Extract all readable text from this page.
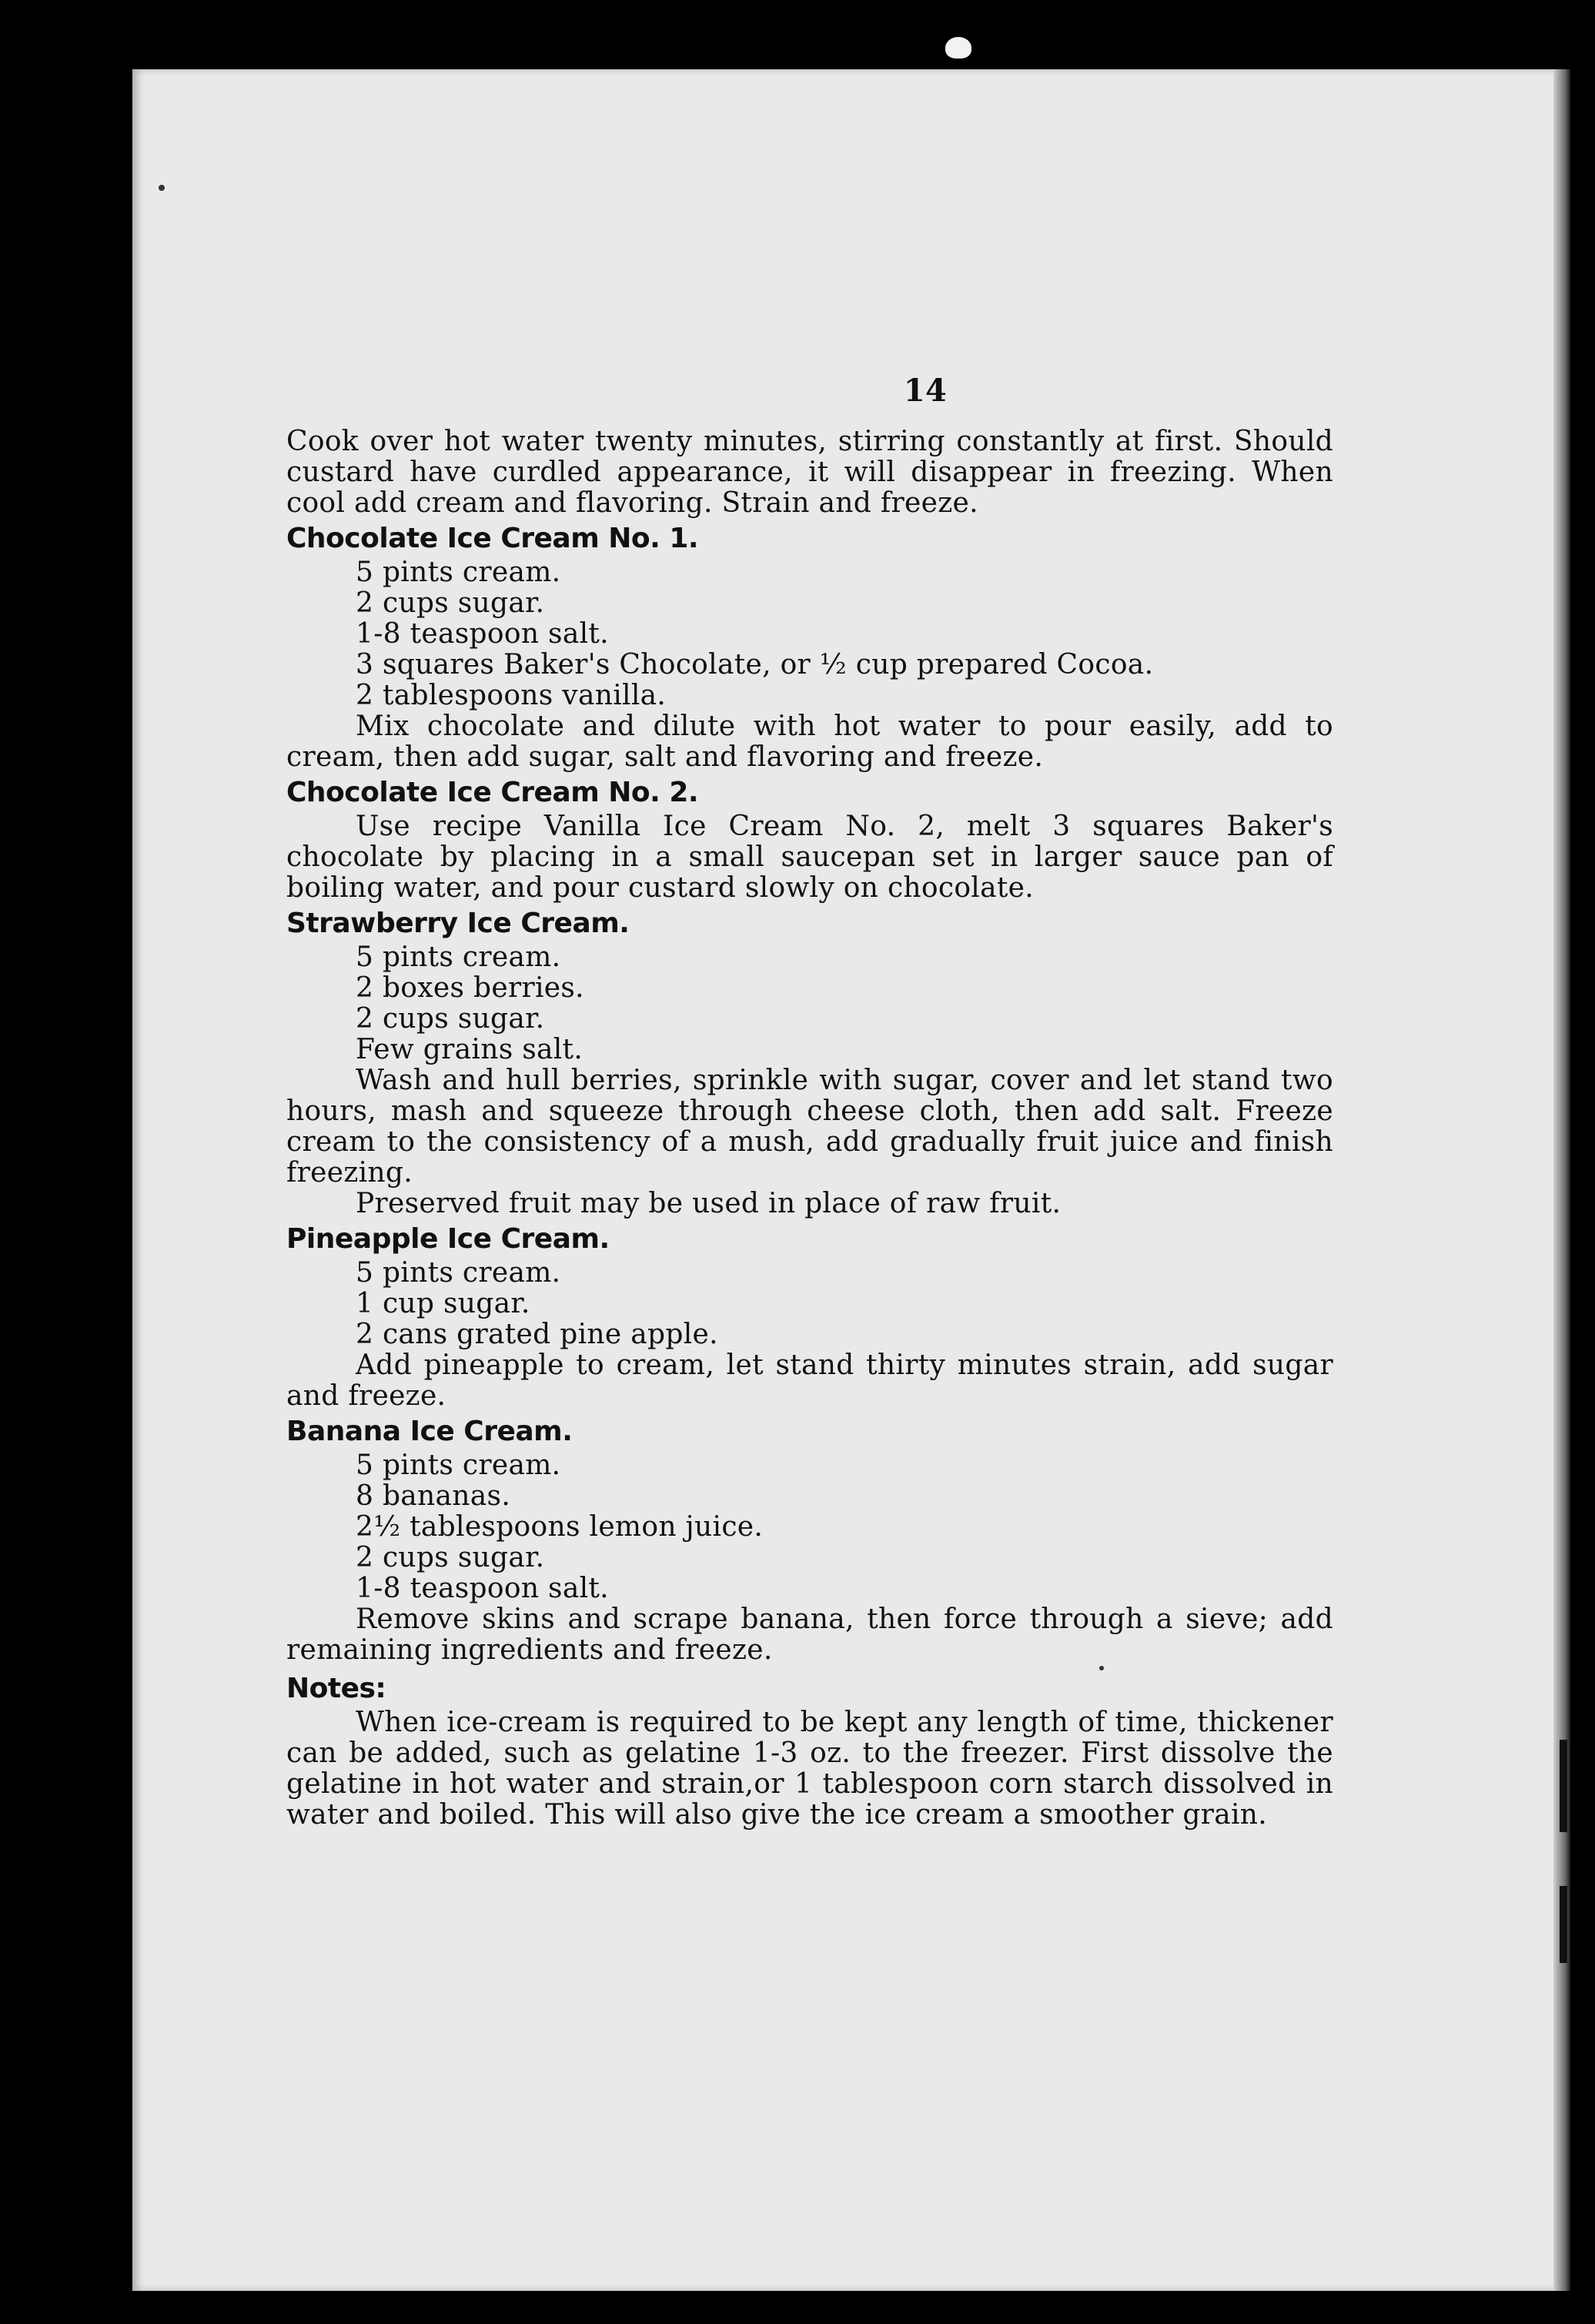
14

Cook over hot water twenty minutes, stirring constantly at first. Should custard have curdled appearance, it will disappear in freezing. When cool add cream and flavoring. Strain and freeze.

Chocolate Ice Cream No. 1.
5 pints cream.
2 cups sugar.
1-8 teaspoon salt.
3 squares Baker's Chocolate, or ½ cup prepared Cocoa.
2 tablespoons vanilla.

Mix chocolate and dilute with hot water to pour easily, add to cream, then add sugar, salt and flavoring and freeze.

Chocolate Ice Cream No. 2.

Use recipe Vanilla Ice Cream No. 2, melt 3 squares Baker's chocolate by placing in a small saucepan set in larger sauce pan of boiling water, and pour custard slowly on chocolate.

Strawberry Ice Cream.
5 pints cream.
2 boxes berries.
2 cups sugar.
Few grains salt.

Wash and hull berries, sprinkle with sugar, cover and let stand two hours, mash and squeeze through cheese cloth, then add salt. Freeze cream to the consistency of a mush, add gradually fruit juice and finish freezing.

Preserved fruit may be used in place of raw fruit.

Pineapple Ice Cream.
5 pints cream.
1 cup sugar.
2 cans grated pine apple.

Add pineapple to cream, let stand thirty minutes strain, add sugar and freeze.

Banana Ice Cream.
5 pints cream.
8 bananas.
2½ tablespoons lemon juice.
2 cups sugar.
1-8 teaspoon salt.

Remove skins and scrape banana, then force through a sieve; add remaining ingredients and freeze.

Notes:

When ice-cream is required to be kept any length of time, thickener can be added, such as gelatine 1-3 oz. to the freezer. First dissolve the gelatine in hot water and strain,or 1 tablespoon corn starch dissolved in water and boiled. This will also give the ice cream a smoother grain.
